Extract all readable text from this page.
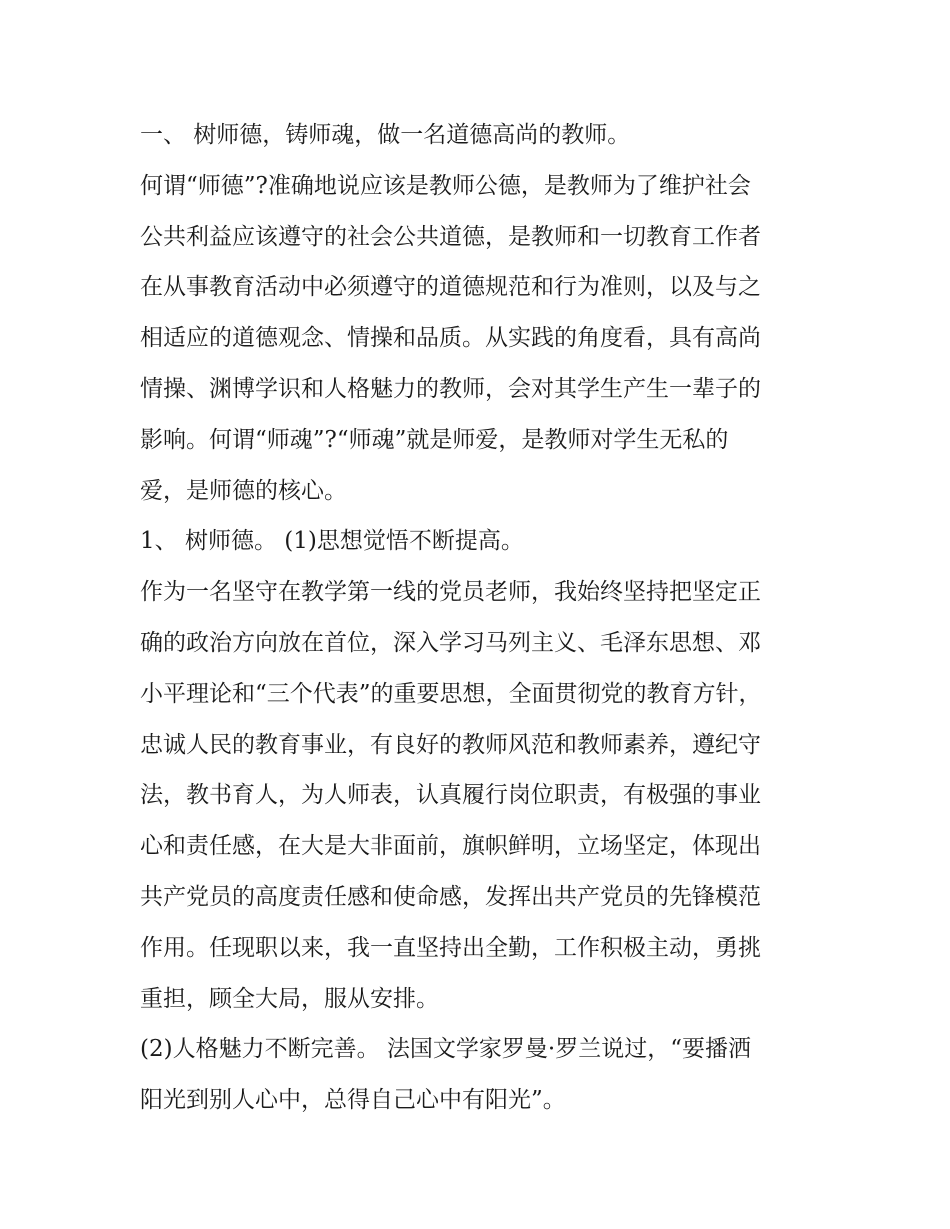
一、 树师德，铸师魂，做一名道德高尚的教师。
何谓“师德”?准确地说应该是教师公德，是教师为了维护社会
公共利益应该遵守的社会公共道德，是教师和一切教育工作者
在从事教育活动中必须遵守的道德规范和行为准则，以及与之
相适应的道德观念、情操和品质。从实践的角度看，具有高尚
情操、渊博学识和人格魅力的教师，会对其学生产生一辈子的
影响。何谓“师魂”?“师魂”就是师爱，是教师对学生无私的
爱，是师德的核心。
1、 树师德。 (1)思想觉悟不断提高。
作为一名坚守在教学第一线的党员老师，我始终坚持把坚定正
确的政治方向放在首位，深入学习马列主义、毛泽东思想、邓
小平理论和“三个代表”的重要思想，全面贯彻党的教育方针，
忠诚人民的教育事业，有良好的教师风范和教师素养，遵纪守
法，教书育人，为人师表，认真履行岗位职责，有极强的事业
心和责任感，在大是大非面前，旗帜鲜明，立场坚定，体现出
共产党员的高度责任感和使命感，发挥出共产党员的先锋模范
作用。任现职以来，我一直坚持出全勤，工作积极主动，勇挑
重担，顾全大局，服从安排。
(2)人格魅力不断完善。 法国文学家罗曼·罗兰说过，“要播洒
阳光到别人心中，总得自己心中有阳光”。
